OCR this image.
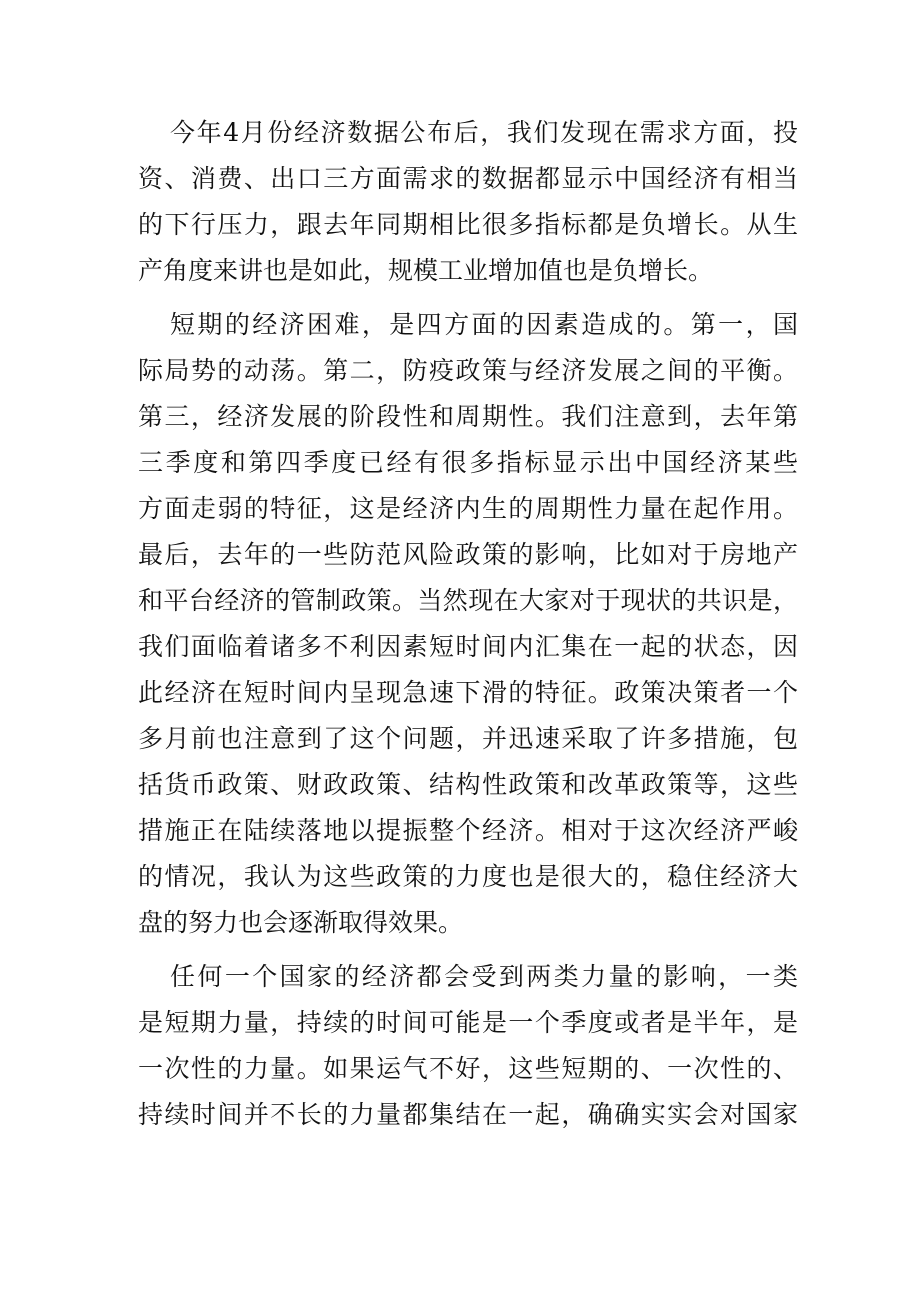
今年4月份经济数据公布后，我们发现在需求方面，投
资、消费、出口三方面需求的数据都显示中国经济有相当
的下行压力，跟去年同期相比很多指标都是负增长。从生
产角度来讲也是如此，规模工业增加值也是负增长。
短期的经济困难，是四方面的因素造成的。第一，国
际局势的动荡。第二，防疫政策与经济发展之间的平衡。
第三，经济发展的阶段性和周期性。我们注意到，去年第
三季度和第四季度已经有很多指标显示出中国经济某些
方面走弱的特征，这是经济内生的周期性力量在起作用。
最后，去年的一些防范风险政策的影响，比如对于房地产
和平台经济的管制政策。当然现在大家对于现状的共识是，
我们面临着诸多不利因素短时间内汇集在一起的状态，因
此经济在短时间内呈现急速下滑的特征。政策决策者一个
多月前也注意到了这个问题，并迅速采取了许多措施，包
括货币政策、财政政策、结构性政策和改革政策等，这些
措施正在陆续落地以提振整个经济。相对于这次经济严峻
的情况，我认为这些政策的力度也是很大的，稳住经济大
盘的努力也会逐渐取得效果。
任何一个国家的经济都会受到两类力量的影响，一类
是短期力量，持续的时间可能是一个季度或者是半年，是
一次性的力量。如果运气不好，这些短期的、一次性的、
持续时间并不长的力量都集结在一起，确确实实会对国家
